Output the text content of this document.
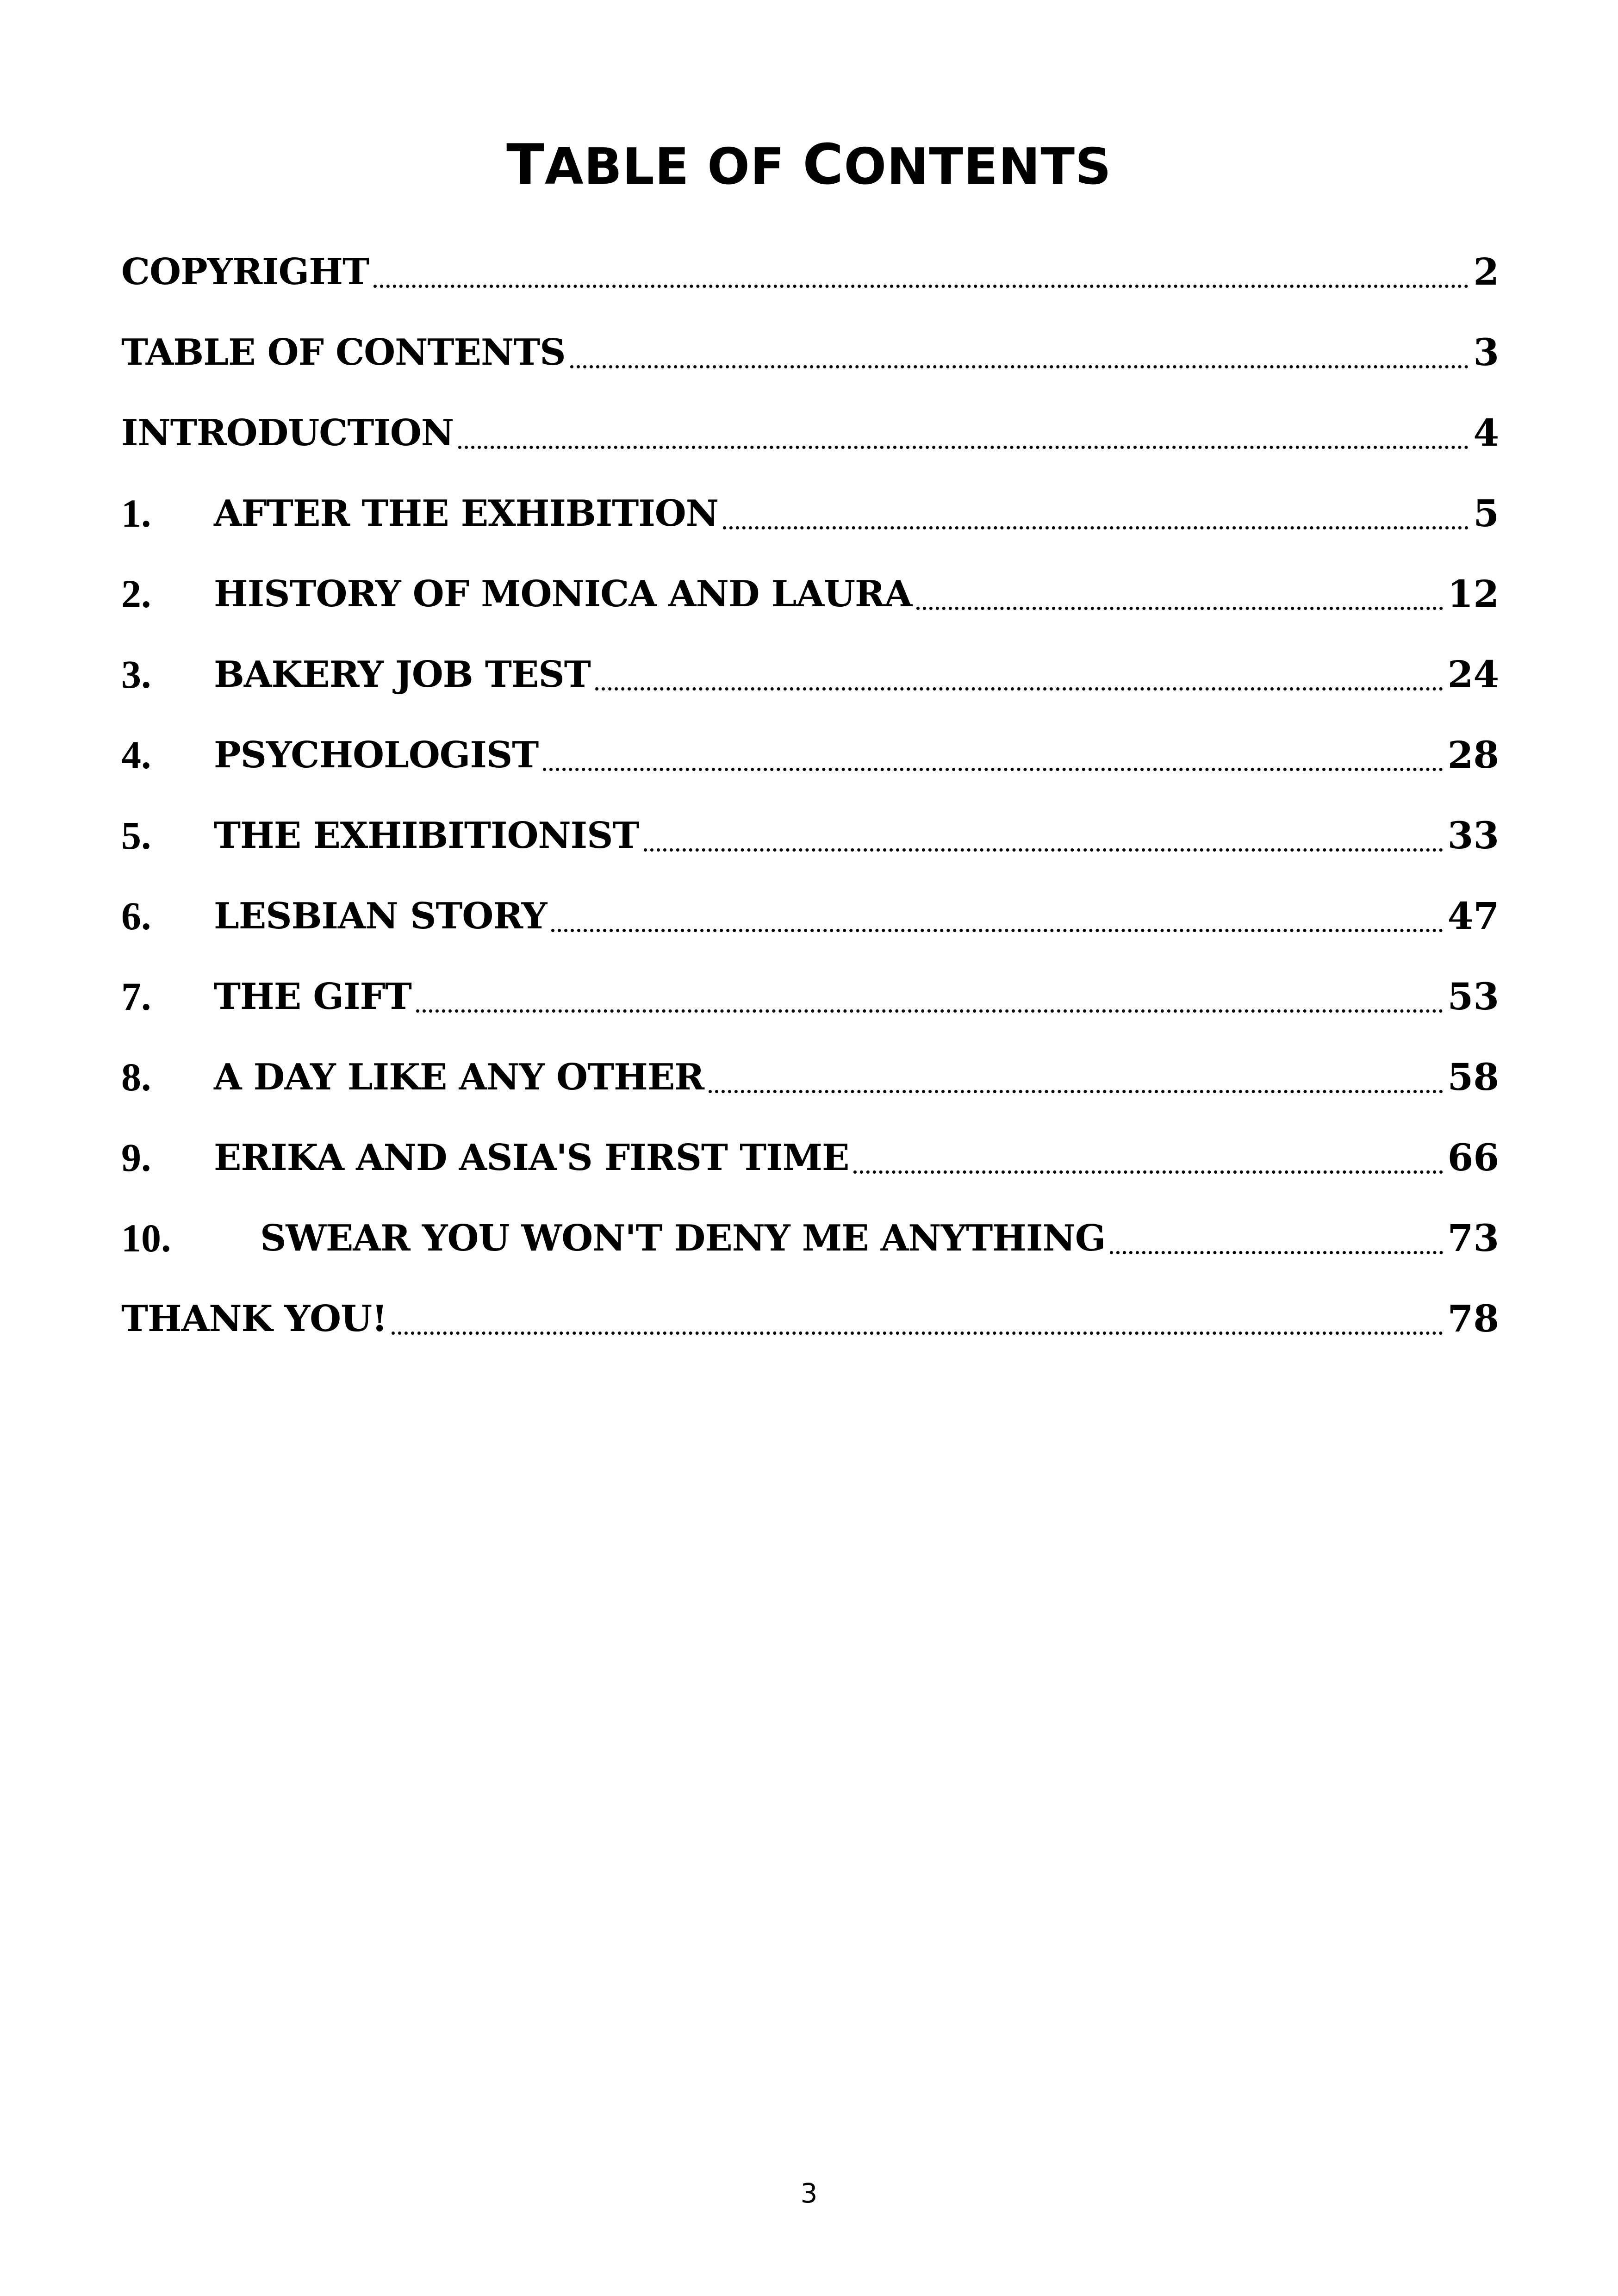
TABLE OF CONTENTS
COPYRIGHT	2
TABLE OF CONTENTS	3
INTRODUCTION	4
1.	AFTER THE EXHIBITION	5
2.	HISTORY OF MONICA AND LAURA	12
3.	BAKERY JOB TEST	24
4.	PSYCHOLOGIST	28
5.	THE EXHIBITIONIST	33
6.	LESBIAN STORY	47
7.	THE GIFT	53
8.	A DAY LIKE ANY OTHER	58
9.	ERIKA AND ASIA'S FIRST TIME	66
10.	SWEAR YOU WON'T DENY ME ANYTHING	73
THANK YOU!	78
3
